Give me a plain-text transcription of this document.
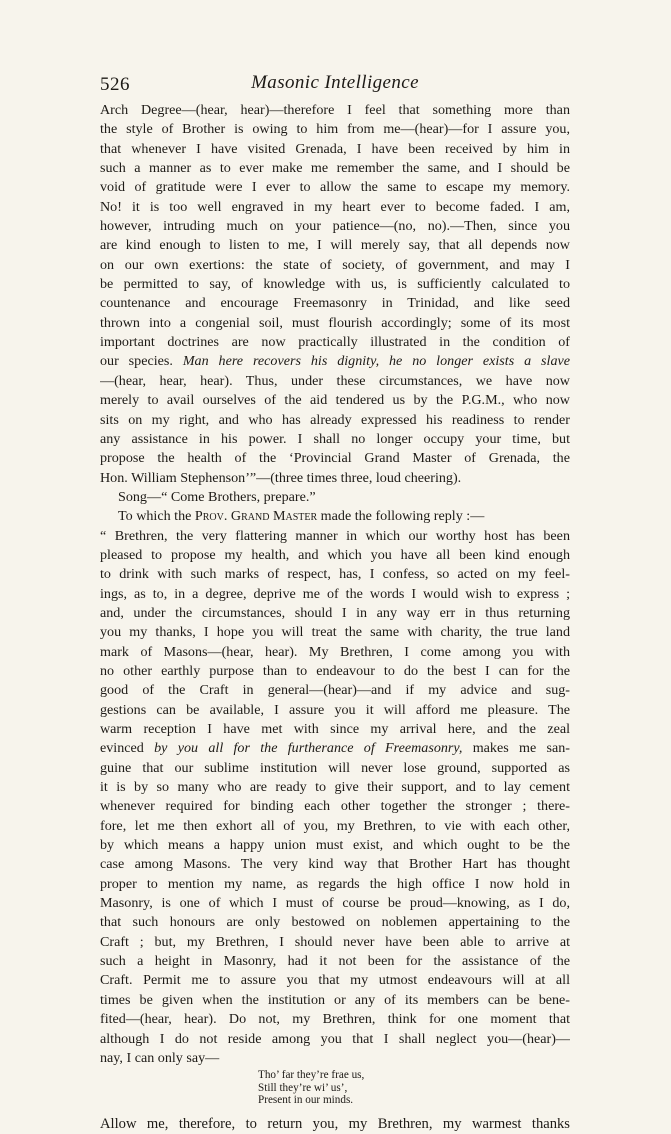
526	Masonic Intelligence
Arch Degree—(hear, hear)—therefore I feel that something more than
the style of Brother is owing to him from me—(hear)—for I assure you,
that whenever I have visited Grenada, I have been received by him in
such a manner as to ever make me remember the same, and I should be
void of gratitude were I ever to allow the same to escape my memory.
No! it is too well engraved in my heart ever to become faded. I am,
however, intruding much on your patience—(no, no).—Then, since you
are kind enough to listen to me, I will merely say, that all depends now
on our own exertions: the state of society, of government, and may I
be permitted to say, of knowledge with us, is sufficiently calculated to
countenance and encourage Freemasonry in Trinidad, and like seed
thrown into a congenial soil, must flourish accordingly; some of its most
important doctrines are now practically illustrated in the condition of
our species. Man here recovers his dignity, he no longer exists a slave
—(hear, hear, hear). Thus, under these circumstances, we have now
merely to avail ourselves of the aid tendered us by the P.G.M., who now
sits on my right, and who has already expressed his readiness to render
any assistance in his power. I shall no longer occupy your time, but
propose the health of the ‘Provincial Grand Master of Grenada, the
Hon. William Stephenson’”—(three times three, loud cheering).
Song—“ Come Brothers, prepare.”
To which the Prov. Grand Master made the following reply :—
“ Brethren, the very flattering manner in which our worthy host has been
pleased to propose my health, and which you have all been kind enough
to drink with such marks of respect, has, I confess, so acted on my feel-
ings, as to, in a degree, deprive me of the words I would wish to express ;
and, under the circumstances, should I in any way err in thus returning
you my thanks, I hope you will treat the same with charity, the true land
mark of Masons—(hear, hear). My Brethren, I come among you with
no other earthly purpose than to endeavour to do the best I can for the
good of the Craft in general—(hear)—and if my advice and sug-
gestions can be available, I assure you it will afford me pleasure. The
warm reception I have met with since my arrival here, and the zeal
evinced by you all for the furtherance of Freemasonry, makes me san-
guine that our sublime institution will never lose ground, supported as
it is by so many who are ready to give their support, and to lay cement
whenever required for binding each other together the stronger ; there-
fore, let me then exhort all of you, my Brethren, to vie with each other,
by which means a happy union must exist, and which ought to be the
case among Masons. The very kind way that Brother Hart has thought
proper to mention my name, as regards the high office I now hold in
Masonry, is one of which I must of course be proud—knowing, as I do,
that such honours are only bestowed on noblemen appertaining to the
Craft ; but, my Brethren, I should never have been able to arrive at
such a height in Masonry, had it not been for the assistance of the
Craft. Permit me to assure you that my utmost endeavours will at all
times be given when the institution or any of its members can be bene-
fited—(hear, hear). Do not, my Brethren, think for one moment that
although I do not reside among you that I shall neglect you—(hear)—
nay, I can only say—
Tho’ far they’re frae us,
Still they’re wi’ us’,
Present in our minds.
Allow me, therefore, to return you, my Brethren, my warmest thanks
